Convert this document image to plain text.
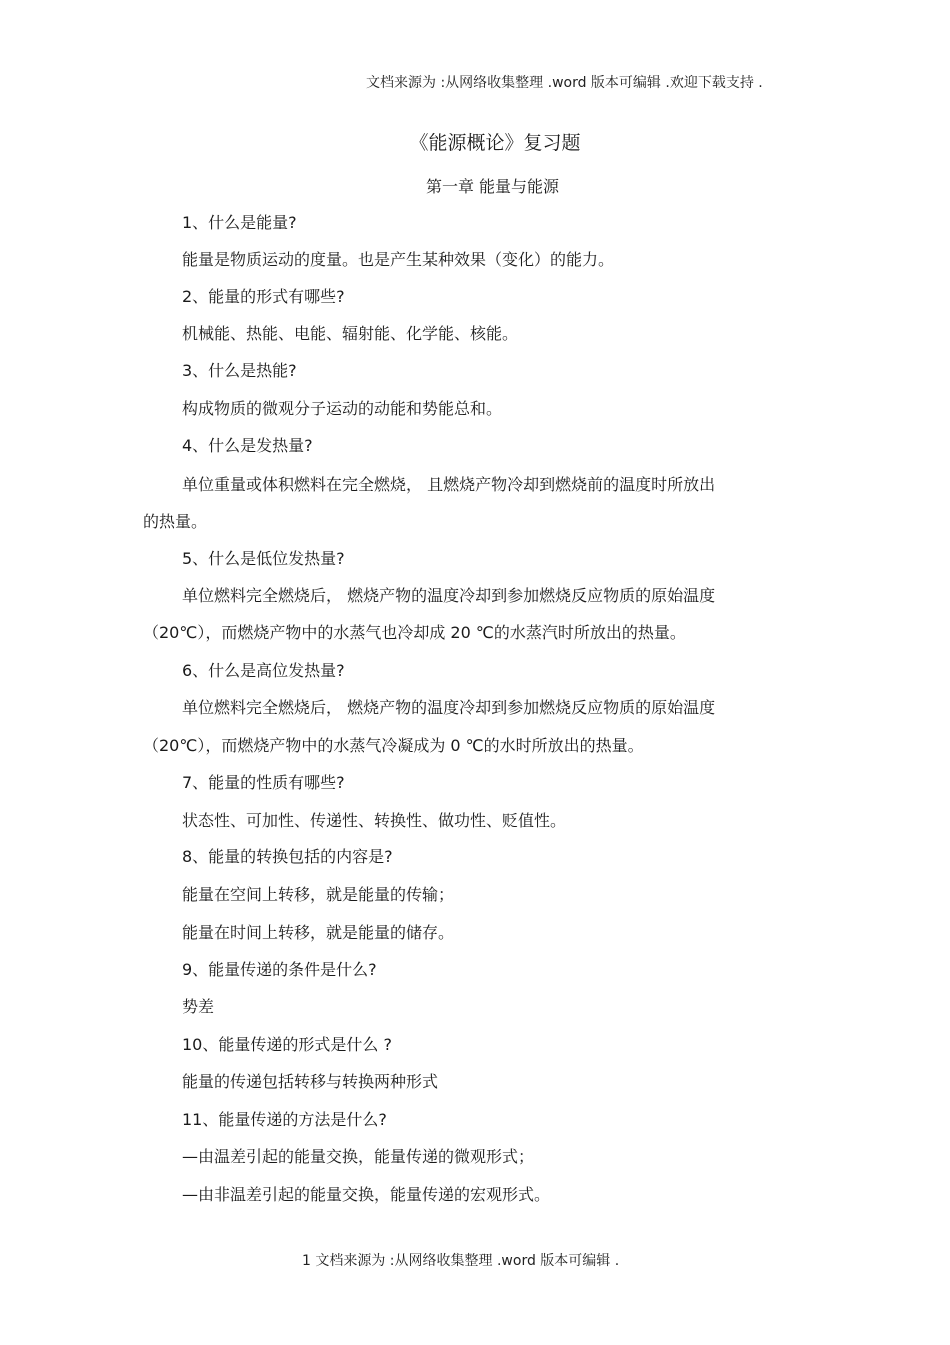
文档来源为 :从网络收集整理 .word 版本可编辑 .欢迎下载支持 .
《能源概论》复习题
第一章 能量与能源
1、什么是能量?
能量是物质运动的度量。也是产生某种效果（变化）的能力。
2、能量的形式有哪些?
机械能、热能、电能、辐射能、化学能、核能。
3、什么是热能?
构成物质的微观分子运动的动能和势能总和。
4、什么是发热量?
单位重量或体积燃料在完全燃烧， 且燃烧产物冷却到燃烧前的温度时所放出
的热量。
5、什么是低位发热量?
单位燃料完全燃烧后， 燃烧产物的温度冷却到参加燃烧反应物质的原始温度
（20℃），而燃烧产物中的水蒸气也冷却成 20 ℃的水蒸汽时所放出的热量。
6、什么是高位发热量?
单位燃料完全燃烧后， 燃烧产物的温度冷却到参加燃烧反应物质的原始温度
（20℃），而燃烧产物中的水蒸气冷凝成为 0 ℃的水时所放出的热量。
7、能量的性质有哪些?
状态性、可加性、传递性、转换性、做功性、贬值性。
8、能量的转换包括的内容是?
能量在空间上转移，就是能量的传输；
能量在时间上转移，就是能量的储存。
9、能量传递的条件是什么?
势差
10、能量传递的形式是什么 ?
能量的传递包括转移与转换两种形式
11、能量传递的方法是什么?
—由温差引起的能量交换，能量传递的微观形式；
—由非温差引起的能量交换，能量传递的宏观形式。
1 文档来源为 :从网络收集整理 .word 版本可编辑 .
